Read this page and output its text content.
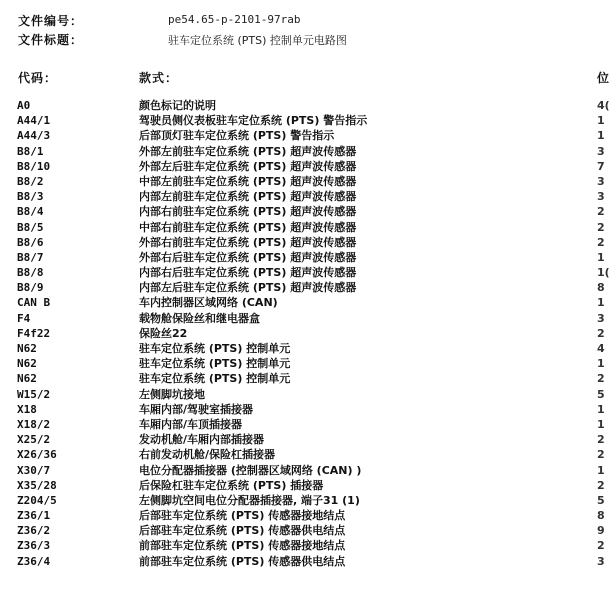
文件编号：	pe54.65-p-2101-97rab
文件标题：	驻车定位系统 (PTS) 控制单元电路图
代码：	款式：	位
A0	颜色标记的说明	4(
A44/1	驾驶员侧仪表板驻车定位系统 (PTS) 警告指示	1
A44/3	后部顶灯驻车定位系统 (PTS) 警告指示	1
B8/1	外部左前驻车定位系统 (PTS) 超声波传感器	3
B8/10	外部左后驻车定位系统 (PTS) 超声波传感器	7
B8/2	中部左前驻车定位系统 (PTS) 超声波传感器	3
B8/3	内部左前驻车定位系统 (PTS) 超声波传感器	3
B8/4	内部右前驻车定位系统 (PTS) 超声波传感器	2
B8/5	中部右前驻车定位系统 (PTS) 超声波传感器	2
B8/6	外部右前驻车定位系统 (PTS) 超声波传感器	2
B8/7	外部右后驻车定位系统 (PTS) 超声波传感器	1
B8/8	内部右后驻车定位系统 (PTS) 超声波传感器	1(
B8/9	内部左后驻车定位系统 (PTS) 超声波传感器	8
CAN B	车内控制器区域网络 (CAN)	1
F4	载物舱保险丝和继电器盒	3
F4f22	保险丝22	2
N62	驻车定位系统 (PTS) 控制单元	4
N62	驻车定位系统 (PTS) 控制单元	1
N62	驻车定位系统 (PTS) 控制单元	2
W15/2	左侧脚坑接地	5
X18	车厢内部/驾驶室插接器	1
X18/2	车厢内部/车顶插接器	1
X25/2	发动机舱/车厢内部插接器	2
X26/36	右前发动机舱/保险杠插接器	2
X30/7	电位分配器插接器 (控制器区域网络 (CAN) )	1
X35/28	后保险杠驻车定位系统 (PTS) 插接器	2
Z204/5	左侧脚坑空间电位分配器插接器, 端子31 (1)	5
Z36/1	后部驻车定位系统 (PTS) 传感器接地结点	8
Z36/2	后部驻车定位系统 (PTS) 传感器供电结点	9
Z36/3	前部驻车定位系统 (PTS) 传感器接地结点	2
Z36/4	前部驻车定位系统 (PTS) 传感器供电结点	3
